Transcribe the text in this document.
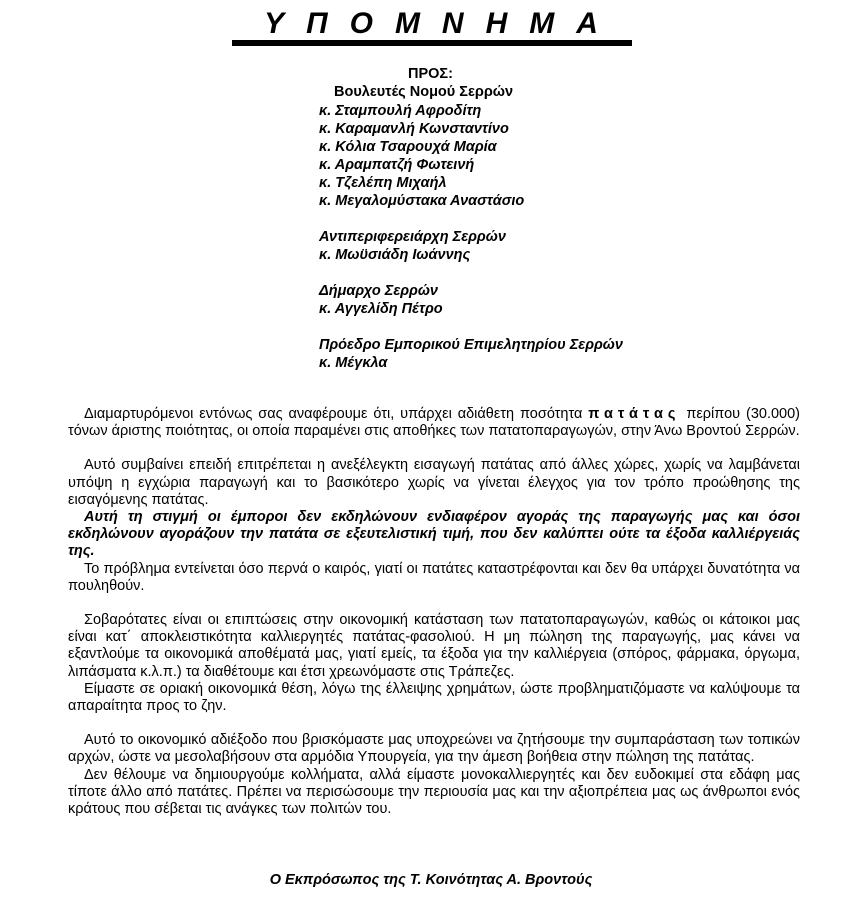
ΥΠΟΜΝΗΜΑ
ΠΡΟΣ:
Βουλευτές Νομού Σερρών
κ. Σταμπουλή Αφροδίτη
κ. Καραμανλή Κωνσταντίνο
κ. Κόλια Τσαρουχά Μαρία
κ. Αραμπατζή Φωτεινή
κ. Τζελέπη Μιχαήλ
κ. Μεγαλομύστακα Αναστάσιο
Αντιπεριφερειάρχη Σερρών
κ. Μωϋσιάδη Ιωάννης
Δήμαρχο Σερρών
κ. Αγγελίδη Πέτρο
Πρόεδρο Εμπορικού Επιμελητηρίου Σερρών
κ. Μέγκλα

Διαμαρτυρόμενοι εντόνως σας αναφέρουμε ότι, υπάρχει αδιάθετη ποσότητα πατάτας περίπου (30.000) τόνων άριστης ποιότητας, οι οποία παραμένει στις αποθήκες των πατατοπαραγωγών, στην Άνω Βροντού Σερρών.

Αυτό συμβαίνει επειδή επιτρέπεται η ανεξέλεγκτη εισαγωγή πατάτας από άλλες χώρες, χωρίς να λαμβάνεται υπόψη η εγχώρια παραγωγή και το βασικότερο χωρίς να γίνεται έλεγχος για τον τρόπο προώθησης της εισαγόμενης πατάτας.

Αυτή τη στιγμή οι έμποροι δεν εκδηλώνουν ενδιαφέρον αγοράς της παραγωγής μας και όσοι εκδηλώνουν αγοράζουν την πατάτα σε εξευτελιστική τιμή, που δεν καλύπτει ούτε τα έξοδα καλλιέργειάς της.

Το πρόβλημα εντείνεται όσο περνά ο καιρός, γιατί οι πατάτες καταστρέφονται και δεν θα υπάρχει δυνατότητα να πουληθούν.

Σοβαρότατες είναι οι επιπτώσεις στην οικονομική κατάσταση των πατατοπαραγωγών, καθώς οι κάτοικοι μας είναι κατ΄ αποκλειστικότητα καλλιεργητές πατάτας-φασολιού. Η μη πώληση της παραγωγής, μας κάνει να εξαντλούμε τα οικονομικά αποθέματά μας, γιατί εμείς, τα έξοδα για την καλλιέργεια (σπόρος, φάρμακα, όργωμα, λιπάσματα κ.λ.π.) τα διαθέτουμε και έτσι χρεωνόμαστε στις Τράπεζες.

Είμαστε σε οριακή οικονομικά θέση, λόγω της έλλειψης χρημάτων, ώστε προβληματιζόμαστε να καλύψουμε τα απαραίτητα προς το ζην.

Αυτό το οικονομικό αδιέξοδο που βρισκόμαστε μας υποχρεώνει να ζητήσουμε την συμπαράσταση των τοπικών αρχών, ώστε να μεσολαβήσουν στα αρμόδια Υπουργεία, για την άμεση βοήθεια στην πώληση της πατάτας.

Δεν θέλουμε να δημιουργούμε κολλήματα, αλλά είμαστε μονοκαλλιεργητές και δεν ευδοκιμεί στα εδάφη μας τίποτε άλλο από πατάτες. Πρέπει να περισώσουμε την περιουσία μας και την αξιοπρέπεια μας ως άνθρωποι ενός κράτους που σέβεται τις ανάγκες των πολιτών του.

Ο Εκπρόσωπος της Τ. Κοινότητας Α. Βροντούς
